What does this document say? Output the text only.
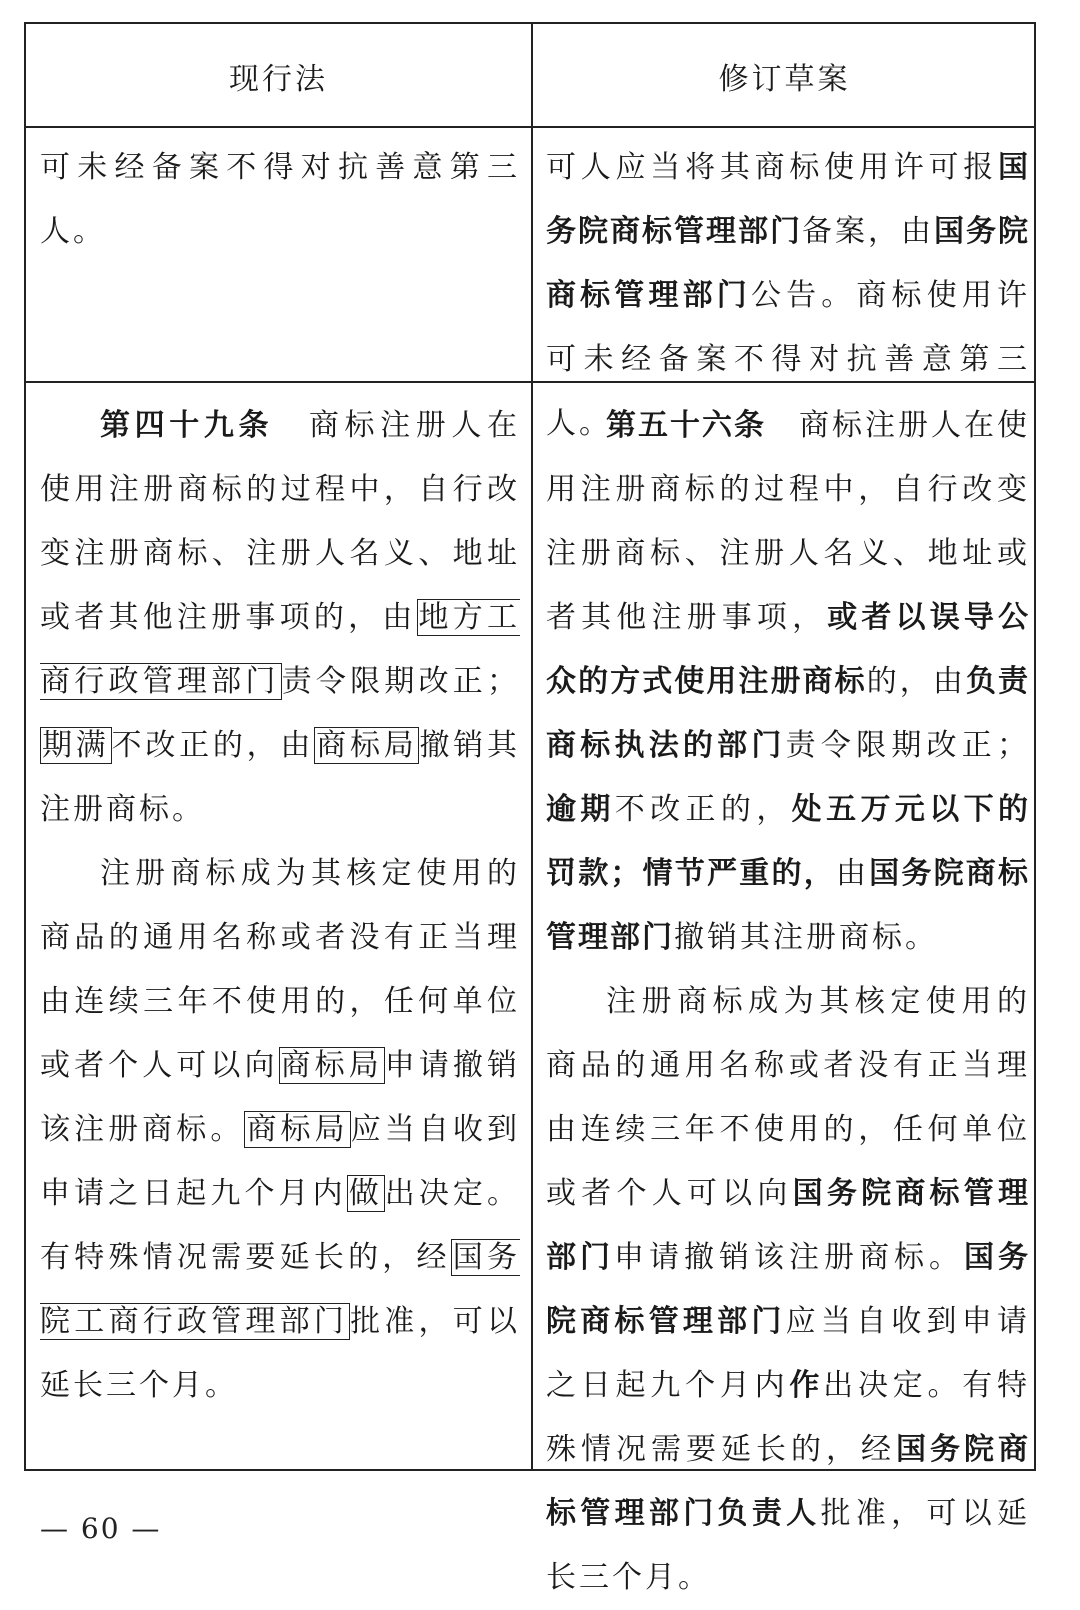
现行法	修订草案

可未经备案不得对抗善意第三人。

可人应当将其商标使用许可报国务院商标管理部门备案，由国务院商标管理部门公告。商标使用许可未经备案不得对抗善意第三人。

第四十九条　商标注册人在使用注册商标的过程中，自行改变注册商标、注册人名义、地址或者其他注册事项的，由地方工商行政管理部门责令限期改正；期满不改正的，由商标局撤销其注册商标。

注册商标成为其核定使用的商品的通用名称或者没有正当理由连续三年不使用的，任何单位或者个人可以向商标局申请撤销该注册商标。商标局应当自收到申请之日起九个月内做出决定。有特殊情况需要延长的，经国务院工商行政管理部门批准，可以延长三个月。

第五十六条　商标注册人在使用注册商标的过程中，自行改变注册商标、注册人名义、地址或者其他注册事项，或者以误导公众的方式使用注册商标的，由负责商标执法的部门责令限期改正；逾期不改正的，处五万元以下的罚款；情节严重的，由国务院商标管理部门撤销其注册商标。

注册商标成为其核定使用的商品的通用名称或者没有正当理由连续三年不使用的，任何单位或者个人可以向国务院商标管理部门申请撤销该注册商标。国务院商标管理部门应当自收到申请之日起九个月内作出决定。有特殊情况需要延长的，经国务院商标管理部门负责人批准，可以延长三个月。

— 60 —
